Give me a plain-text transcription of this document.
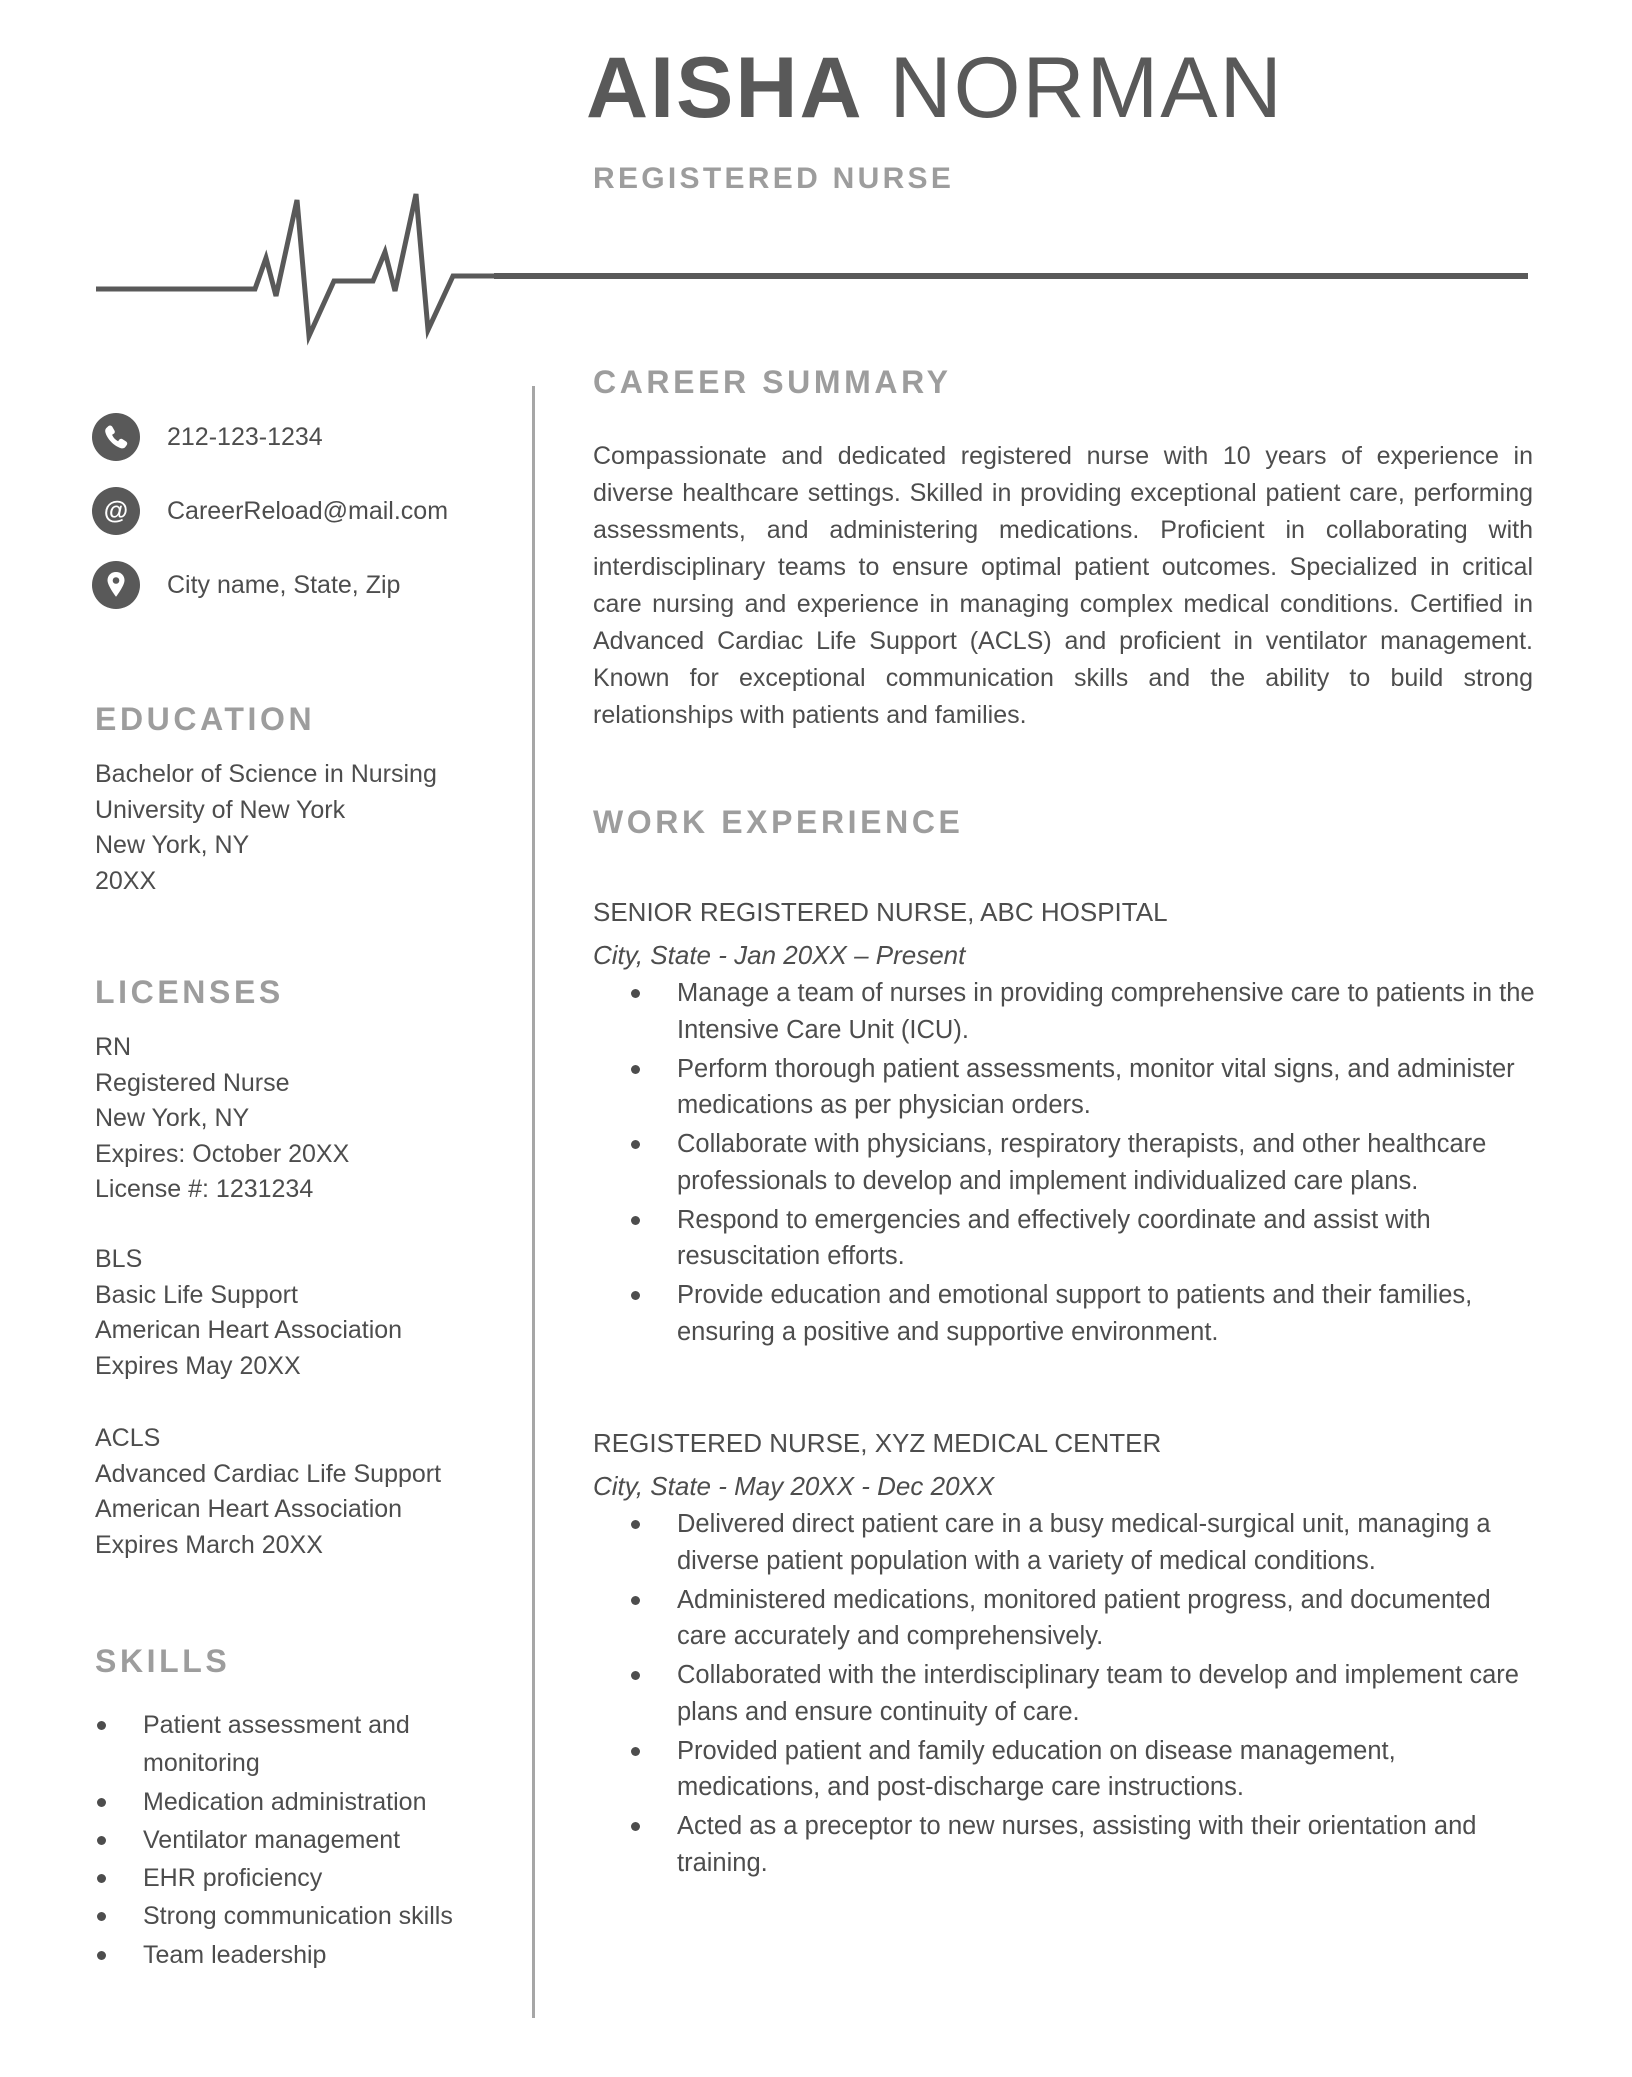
AISHA NORMAN
REGISTERED NURSE
212-123-1234
@ CareerReload@mail.com
City name, State, Zip
EDUCATION
Bachelor of Science in Nursing
University of New York
New York, NY
20XX
LICENSES
RN
Registered Nurse
New York, NY
Expires: October 20XX
License #: 1231234
BLS
Basic Life Support
American Heart Association
Expires May 20XX
ACLS
Advanced Cardiac Life Support
American Heart Association
Expires March 20XX
SKILLS
Patient assessment and monitoring
Medication administration
Ventilator management
EHR proficiency
Strong communication skills
Team leadership
CAREER SUMMARY
Compassionate and dedicated registered nurse with 10 years of experience in diverse healthcare settings. Skilled in providing exceptional patient care, performing assessments, and administering medications. Proficient in collaborating with interdisciplinary teams to ensure optimal patient outcomes. Specialized in critical care nursing and experience in managing complex medical conditions. Certified in Advanced Cardiac Life Support (ACLS) and proficient in ventilator management. Known for exceptional communication skills and the ability to build strong relationships with patients and families.
WORK EXPERIENCE
SENIOR REGISTERED NURSE, ABC HOSPITAL
City, State - Jan 20XX – Present
Manage a team of nurses in providing comprehensive care to patients in the Intensive Care Unit (ICU).
Perform thorough patient assessments, monitor vital signs, and administer medications as per physician orders.
Collaborate with physicians, respiratory therapists, and other healthcare professionals to develop and implement individualized care plans.
Respond to emergencies and effectively coordinate and assist with resuscitation efforts.
Provide education and emotional support to patients and their families, ensuring a positive and supportive environment.
REGISTERED NURSE, XYZ MEDICAL CENTER
City, State - May 20XX - Dec 20XX
Delivered direct patient care in a busy medical-surgical unit, managing a diverse patient population with a variety of medical conditions.
Administered medications, monitored patient progress, and documented care accurately and comprehensively.
Collaborated with the interdisciplinary team to develop and implement care plans and ensure continuity of care.
Provided patient and family education on disease management, medications, and post-discharge care instructions.
Acted as a preceptor to new nurses, assisting with their orientation and training.
